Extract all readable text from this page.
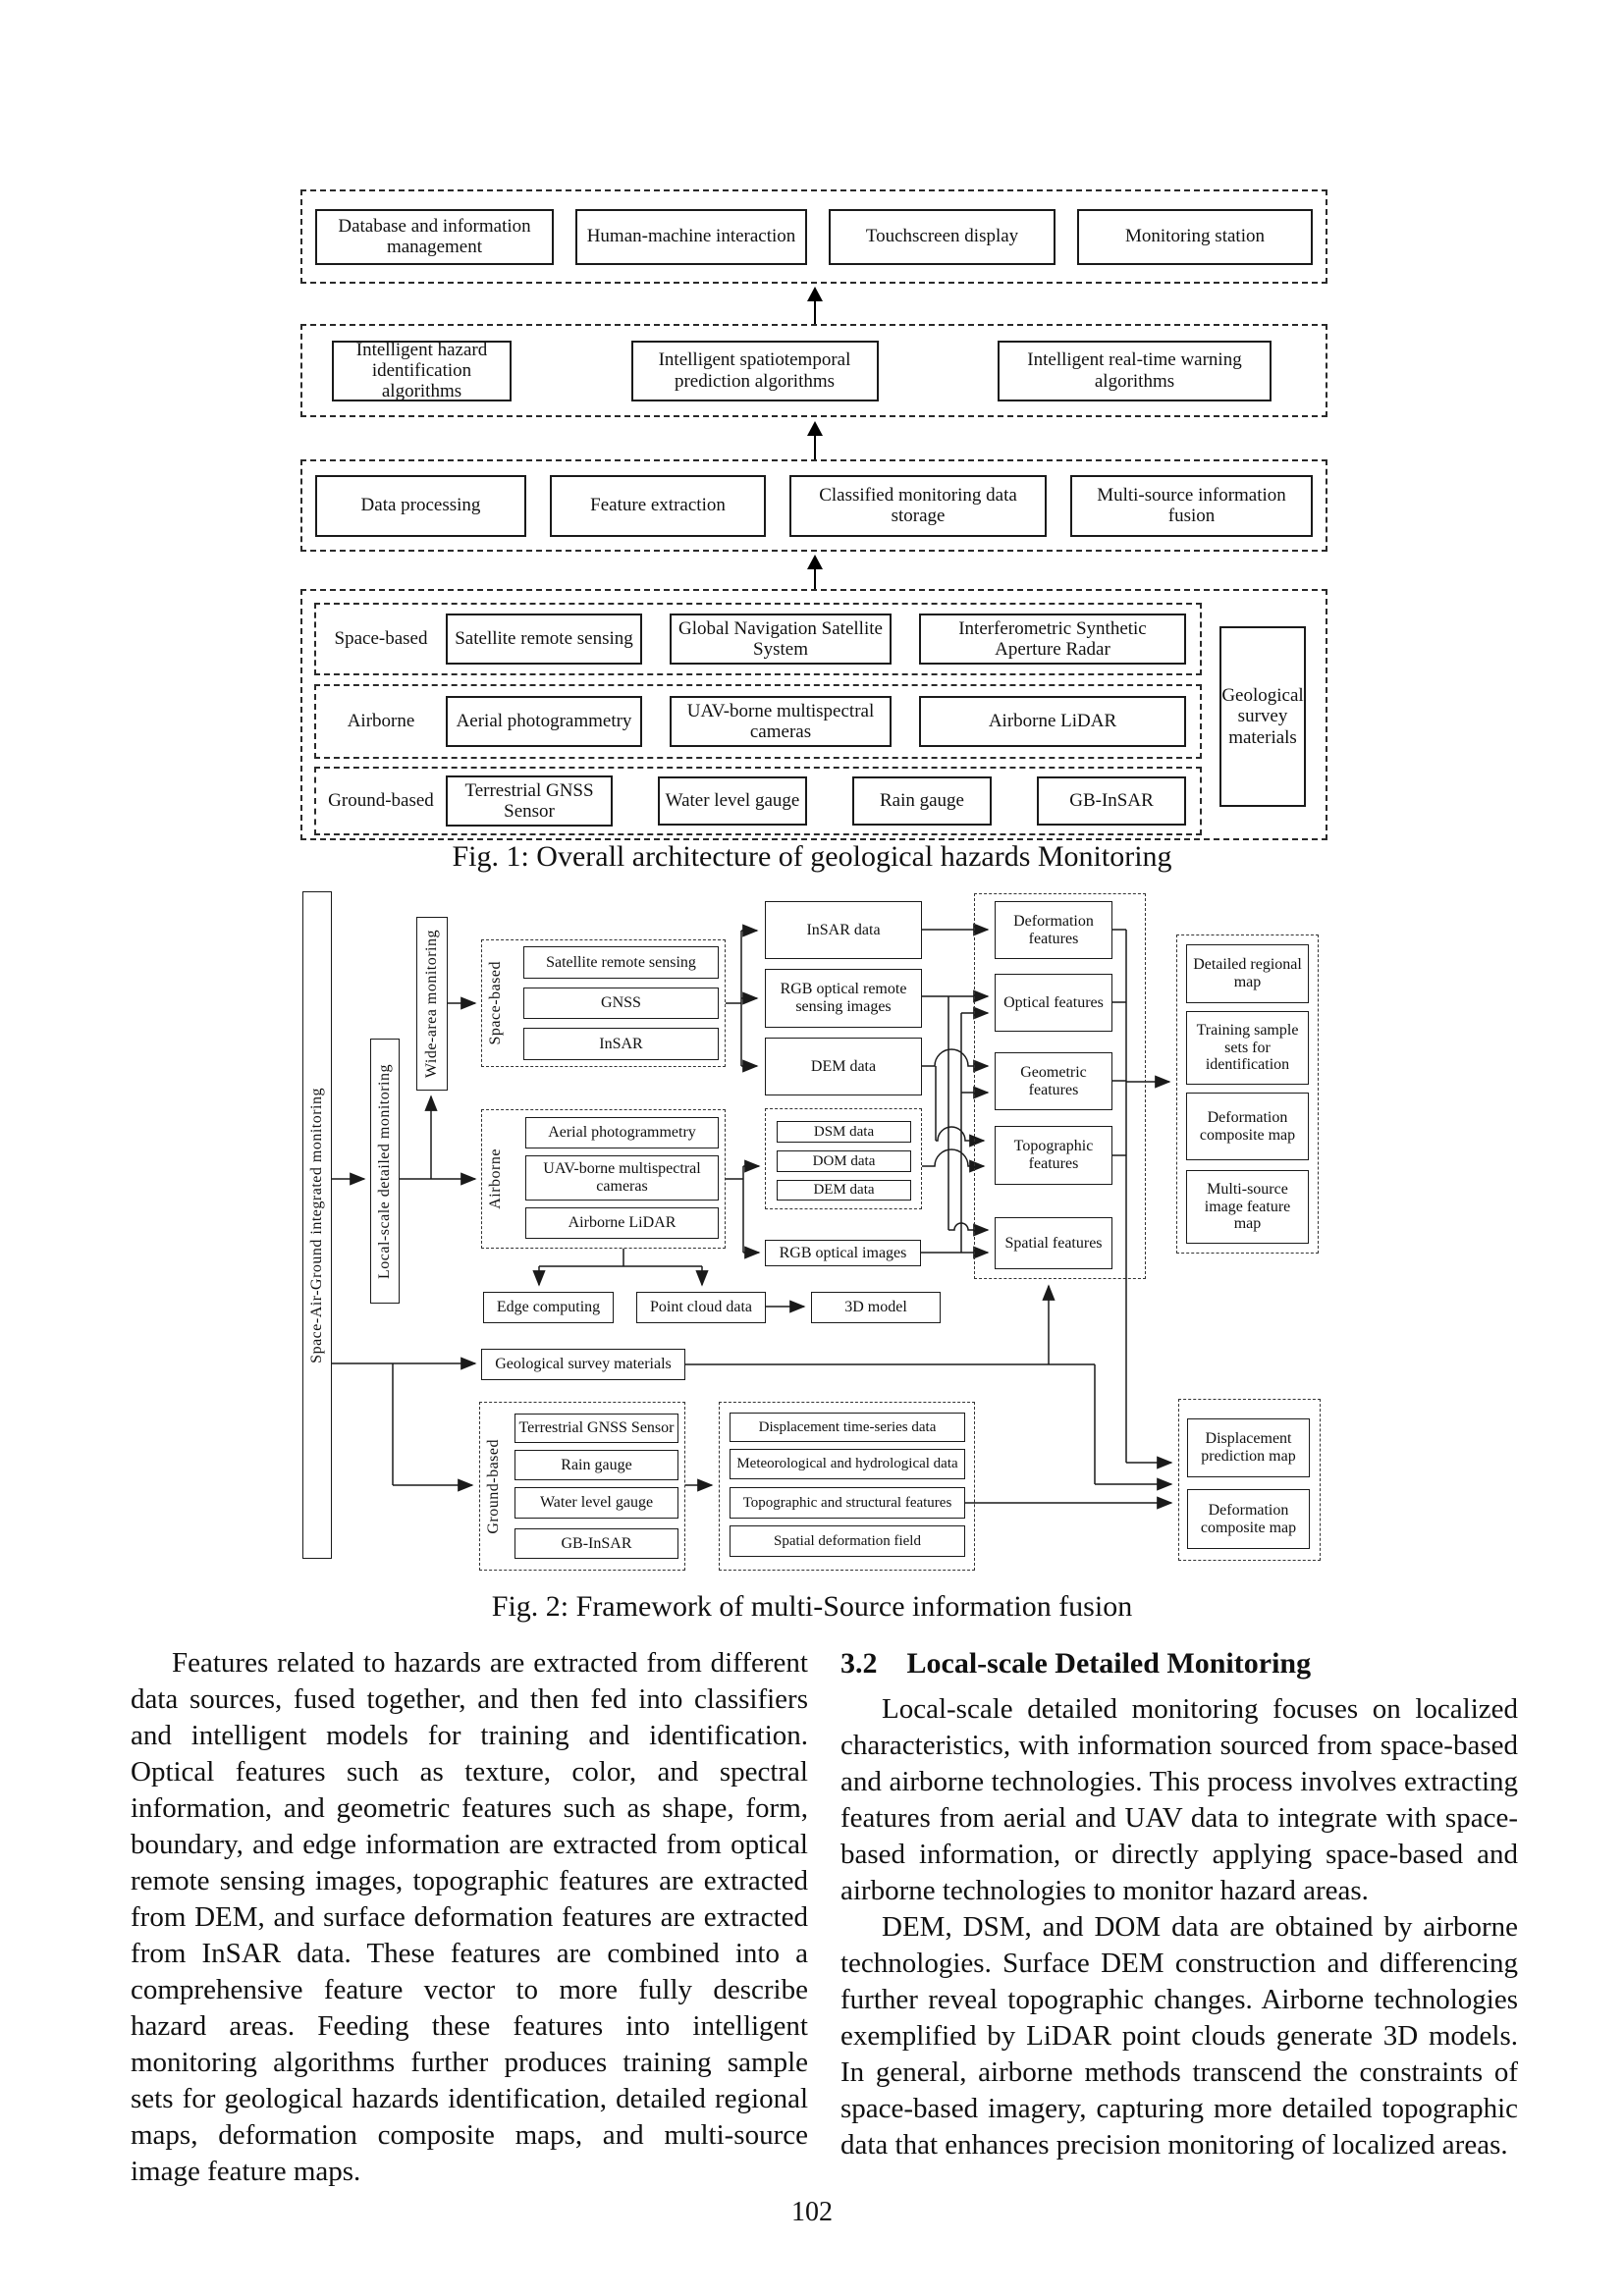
Database and information management
Human-machine interaction	Touchscreen display	Monitoring station
Intelligent hazard identification algorithms
Intelligent spatiotemporal prediction algorithms
Intelligent real-time warning algorithms
Data processing	Feature extraction
Classified monitoring data storage
Multi-source information fusion
Space-based	Satellite remote sensing
Global Navigation Satellite System
Interferometric Synthetic Aperture Radar
Airborne	Aerial photogrammetry
UAV-borne multispectral cameras
Airborne LiDAR
Ground-based	Terrestrial GNSS Sensor
Water level gauge	Rain gauge	GB-InSAR
Geological survey materials
Fig. 1: Overall architecture of geological hazards Monitoring
Space-Air-Ground integrated monitoring	Local-scale detailed monitoring
Wide-area monitoring	Space-based	Satellite remote sensing
GNSS
InSAR
Airborne
Aerial photogrammetry
UAV-borne multispectral cameras
Airborne LiDAR
Edge computing	Point cloud data	3D model
Geological survey materials
Ground-based
Terrestrial GNSS Sensor
Rain gauge
Water level gauge
GB-InSAR
InSAR data
RGB optical remote sensing images
DEM data
DSM data
DOM data
DEM data
RGB optical images
Deformation features
Optical features
Geometric features
Topographic features
Spatial features
Detailed regional map
Training sample sets for identification
Deformation composite map
Multi-source image feature map
Displacement time-series data
Meteorological and hydrological data
Topographic and structural features
Spatial deformation field
Displacement prediction map
Deformation composite map
Fig. 2: Framework of multi-Source information fusion

Features related to hazards are extracted from different data sources, fused together, and then fed into classifiers and intelligent models for training and identification. Optical features such as texture, color, and spectral information, and geometric features such as shape, form, boundary, and edge information are extracted from optical remote sensing images, topographic features are extracted from DEM, and surface deformation features are extracted from InSAR data. These features are combined into a comprehensive feature vector to more fully describe hazard areas. Feeding these features into intelligent monitoring algorithms further produces training sample sets for geological hazards identification, detailed regional maps, deformation composite maps, and multi-source image feature maps.

3.2 Local-scale Detailed Monitoring

Local-scale detailed monitoring focuses on localized characteristics, with information sourced from space-based and airborne technologies. This process involves extracting features from aerial and UAV data to integrate with space-based information, or directly applying space-based and airborne technologies to monitor hazard areas.

DEM, DSM, and DOM data are obtained by airborne technologies. Surface DEM construction and differencing further reveal topographic changes. Airborne technologies exemplified by LiDAR point clouds generate 3D models. In general, airborne methods transcend the constraints of space-based imagery, capturing more detailed topographic data that enhances precision monitoring of localized areas.

102
